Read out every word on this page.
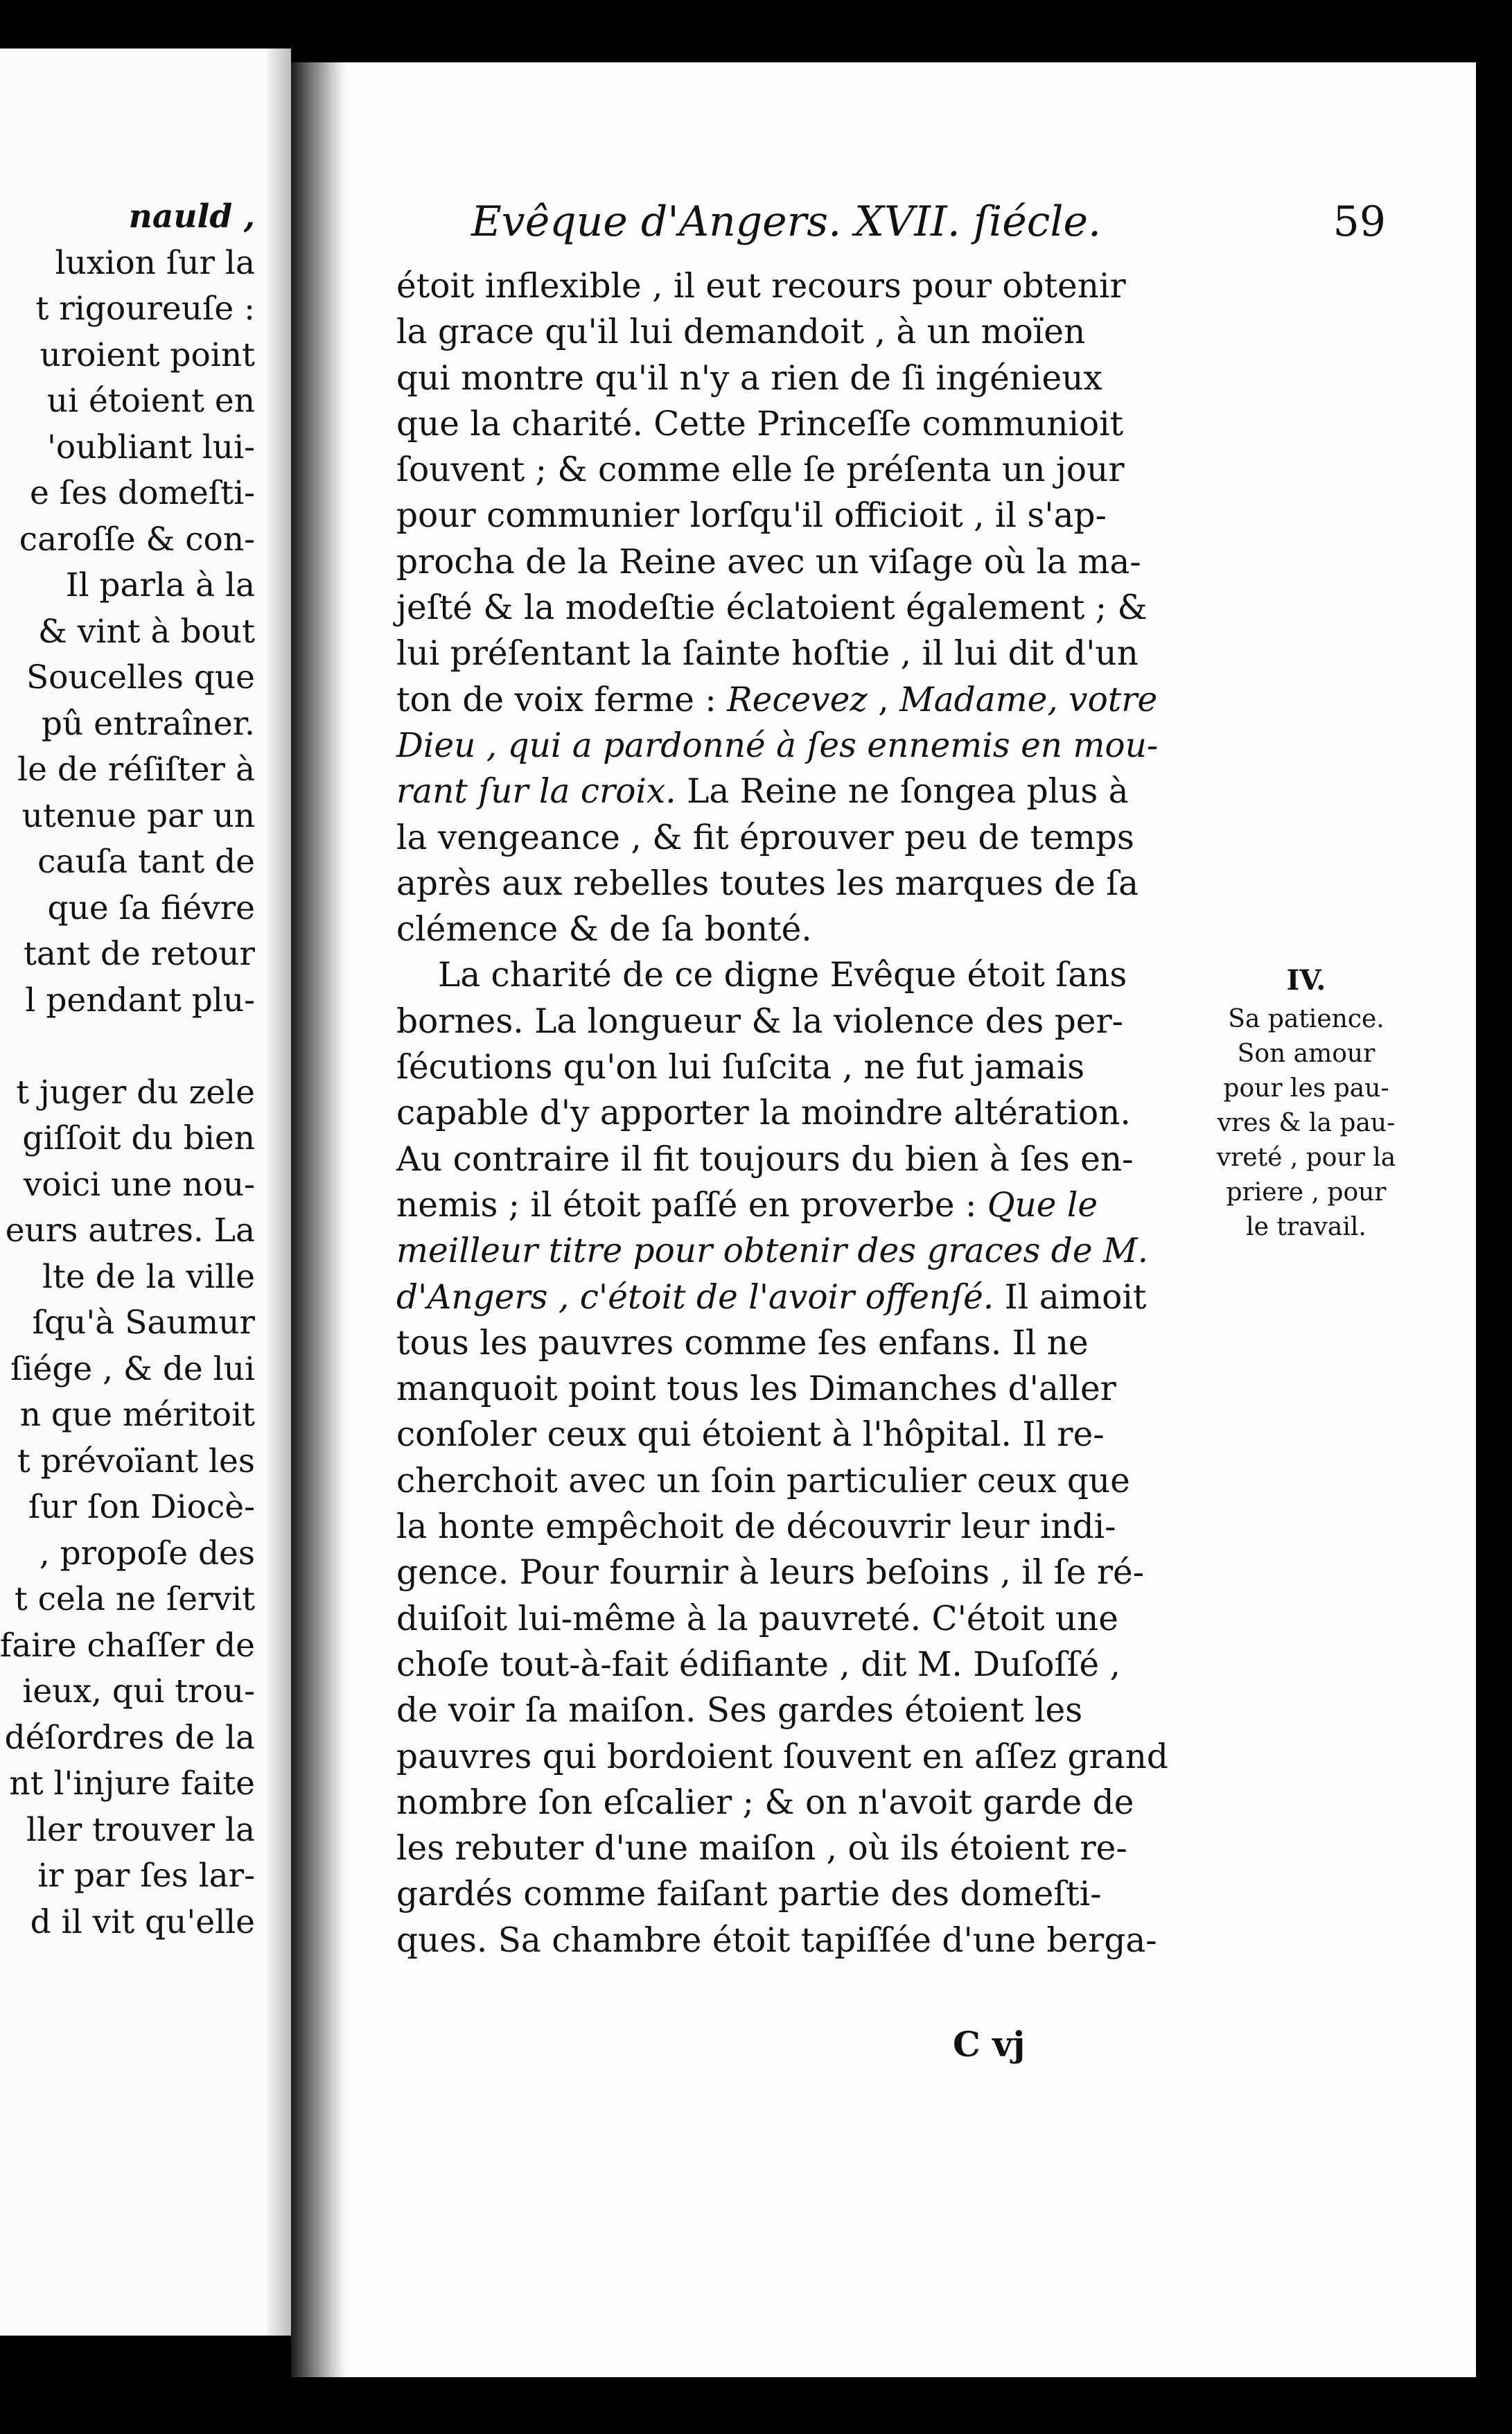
nauld ,
luxion ſur la
t rigoureuſe :
uroient point
ui étoient en
'oubliant lui-
e ſes domeſti-
caroſſe & con-
Il parla à la
& vint à bout
Soucelles que
pû entraîner.
le de réſiſter à
utenue par un
cauſa tant de
que ſa fiévre
tant de retour
l pendant plu-
t juger du zele
giſſoit du bien
voici une nou-
eurs autres. La
lte de la ville
ſqu'à Saumur
ſiége , & de lui
n que méritoit
t prévoïant les
ſur ſon Diocè-
, propoſe des
t cela ne ſervit
faire chaſſer de
ieux, qui trou-
déſordres de la
nt l'injure faite
ller trouver la
ir par ſes lar-
d il vit qu'elle
Evêque d'Angers. XVII. ſiécle.	59
étoit inflexible , il eut recours pour obtenir
la grace qu'il lui demandoit , à un moïen
qui montre qu'il n'y a rien de ſi ingénieux
que la charité. Cette Princeſſe communioit
ſouvent ; & comme elle ſe préſenta un jour
pour communier lorſqu'il officioit , il s'ap-
procha de la Reine avec un viſage où la ma-
jeſté & la modeſtie éclatoient également ; &
lui préſentant la ſainte hoſtie , il lui dit d'un
ton de voix ferme : Recevez , Madame, votre
Dieu , qui a pardonné à ſes ennemis en mou-
rant ſur la croix. La Reine ne ſongea plus à
la vengeance , & fit éprouver peu de temps
après aux rebelles toutes les marques de ſa
clémence & de ſa bonté.
La charité de ce digne Evêque étoit ſans
bornes. La longueur & la violence des per-
ſécutions qu'on lui ſuſcita , ne fut jamais
capable d'y apporter la moindre altération.
Au contraire il fit toujours du bien à ſes en-
nemis ; il étoit paſſé en proverbe : Que le
meilleur titre pour obtenir des graces de M.
d'Angers , c'étoit de l'avoir offenſé. Il aimoit
tous les pauvres comme ſes enfans. Il ne
manquoit point tous les Dimanches d'aller
conſoler ceux qui étoient à l'hôpital. Il re-
cherchoit avec un ſoin particulier ceux que
la honte empêchoit de découvrir leur indi-
gence. Pour fournir à leurs beſoins , il ſe ré-
duiſoit lui-même à la pauvreté. C'étoit une
choſe tout-à-fait édifiante , dit M. Duſoſſé ,
de voir ſa maiſon. Ses gardes étoient les
pauvres qui bordoient ſouvent en aſſez grand
nombre ſon eſcalier ; & on n'avoit garde de
les rebuter d'une maiſon , où ils étoient re-
gardés comme faiſant partie des domeſti-
ques. Sa chambre étoit tapiſſée d'une berga-
C vj
IV.
Sa patience.
Son amour
pour les pau-
vres & la pau-
vreté , pour la
priere , pour
le travail.
